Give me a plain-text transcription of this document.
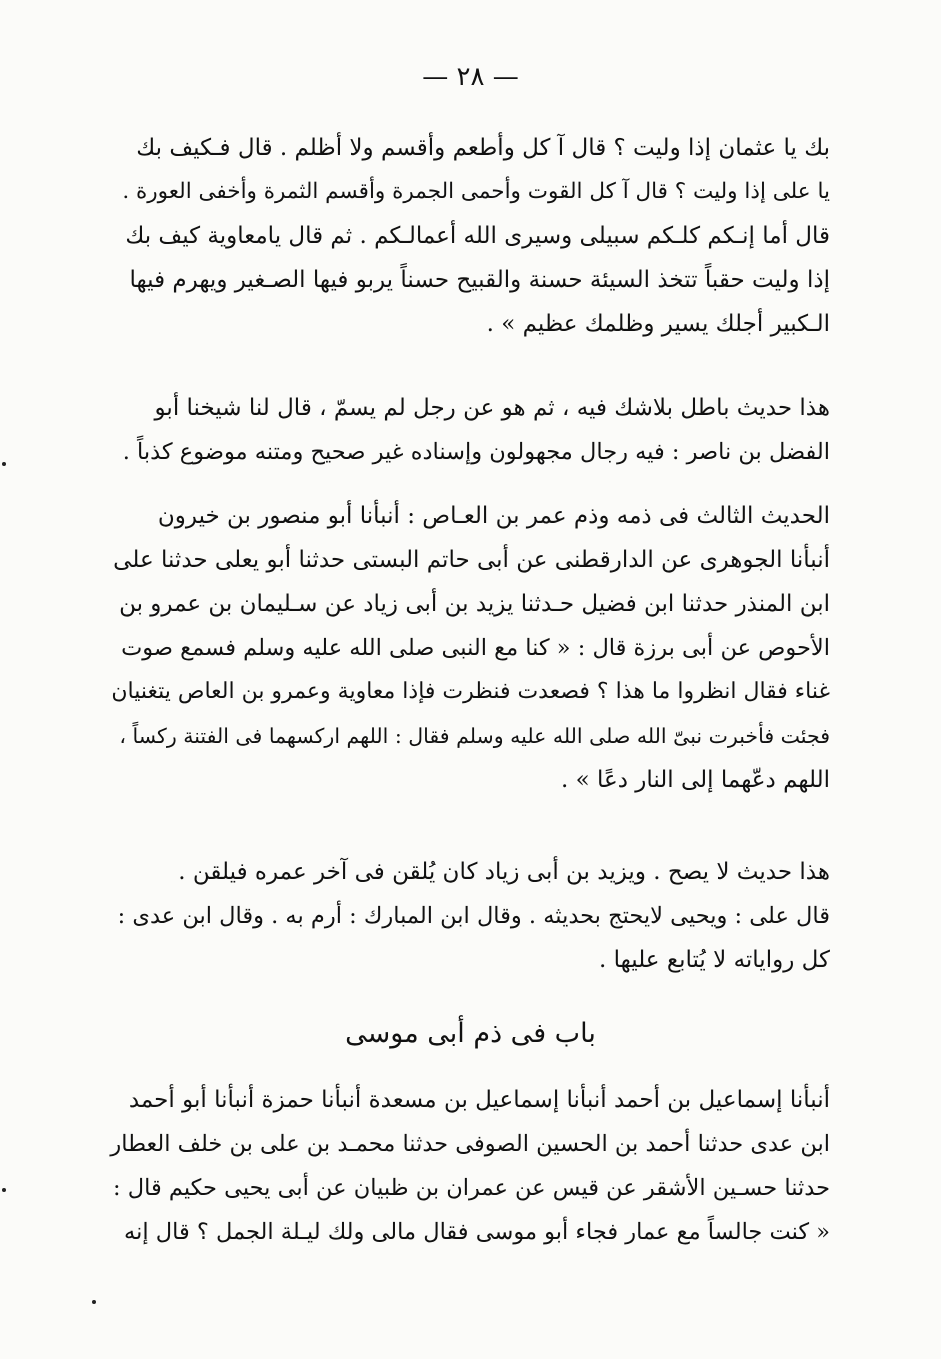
— ٢٨ —
بك يا عثمان إذا وليت ؟ قال آ كل وأطعم وأقسم ولا أظلم . قال فـكيف بك
يا على إذا وليت ؟ قال آ كل القوت وأحمى الجمرة وأقسم الثمرة وأخفى العورة .
قال أما إنـكم كلـكم سبيلى وسيرى الله أعمالـكم . ثم قال يامعاوية كيف بك
إذا وليت حقباً تتخذ السيئة حسنة والقبيح حسناً يربو فيها الصـغير ويهرم فيها
الـكبير أجلك يسير وظلمك عظيم » .
هذا حديث باطل بلاشك فيه ، ثم هو عن رجل لم يسمّ ، قال لنا شيخنا أبو
الفضل بن ناصر : فيه رجال مجهولون وإسناده غير صحيح ومتنه موضوع كذباً .
الحديث الثالث فى ذمه وذم عمر بن العـاص : أنبأنا أبو منصور بن خيرون
أنبأنا الجوهرى عن الدارقطنى عن أبى حاتم البستى حدثنا أبو يعلى حدثنا على
ابن المنذر حدثنا ابن فضيل حـدثنا يزيد بن أبى زياد عن سـليمان بن عمرو بن
الأحوص عن أبى برزة قال : « كنا مع النبى صلى الله عليه وسلم فسمع صوت
غناء فقال انظروا ما هذا ؟ فصعدت فنظرت فإذا معاوية وعمرو بن العاص يتغنيان
فجئت فأخبرت نبىّ الله صلى الله عليه وسلم فقال : اللهم اركسهما فى الفتنة ركساً ،
اللهم دعّهما إلى النار دعًا » .
هذا حديث لا يصح . ويزيد بن أبى زياد كان يُلقن فى آخر عمره فيلقن .
قال على : ويحيى لايحتج بحديثه . وقال ابن المبارك : أرم به . وقال ابن عدى :
كل رواياته لا يُتابع عليها .
باب فى ذم أبى موسى
أنبأنا إسماعيل بن أحمد أنبأنا إسماعيل بن مسعدة أنبأنا حمزة أنبأنا أبو أحمد
ابن عدى حدثنا أحمد بن الحسين الصوفى حدثنا محمـد بن على بن خلف العطار
حدثنا حسـين الأشقر عن قيس عن عمران بن ظبيان عن أبى يحيى حكيم قال :
« كنت جالساً مع عمار فجاء أبو موسى فقال مالى ولك ليـلة الجمل ؟ قال إنه
